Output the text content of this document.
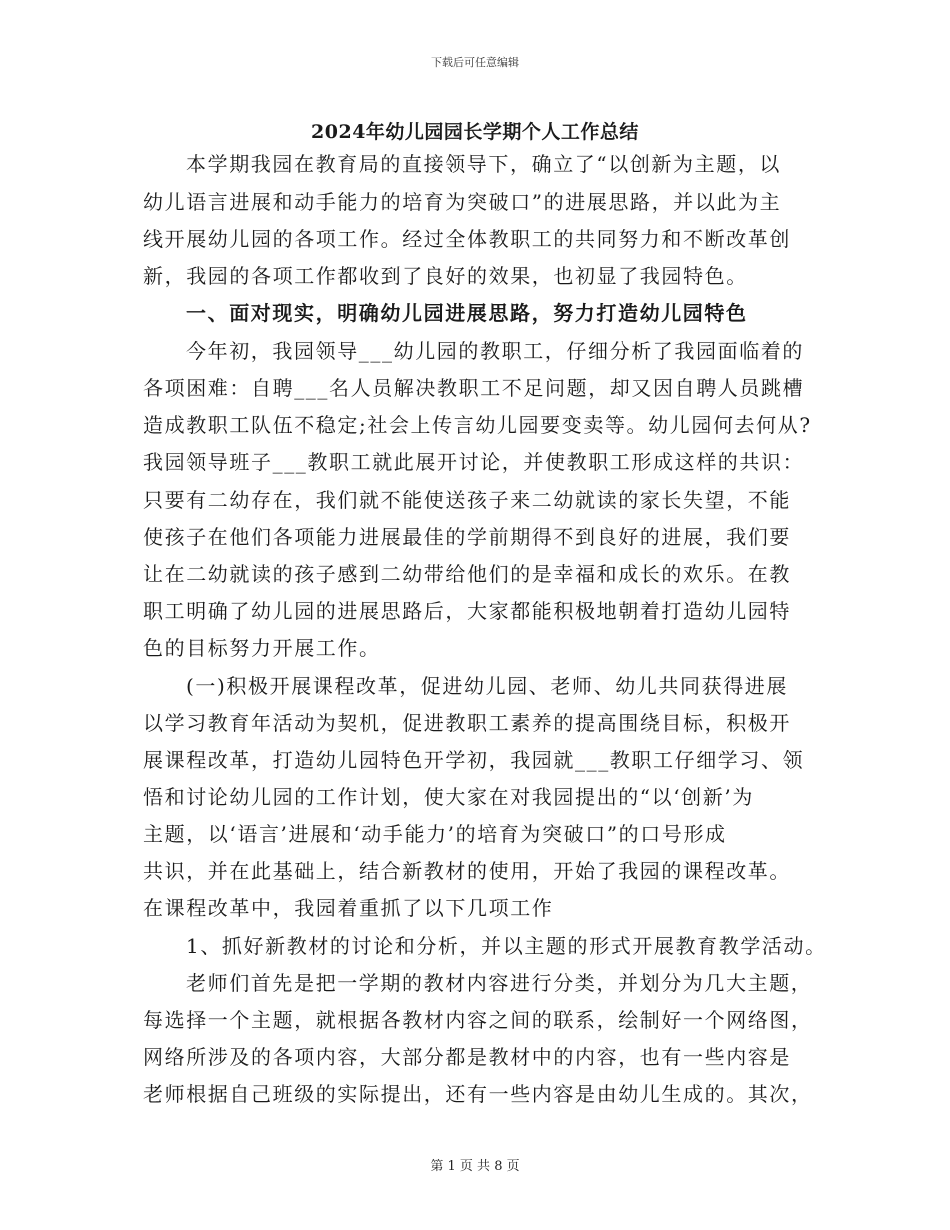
下载后可任意编辑
2024年幼儿园园长学期个人工作总结
本学期我园在教育局的直接领导下，确立了“以创新为主题，以
幼儿语言进展和动手能力的培育为突破口”的进展思路，并以此为主
线开展幼儿园的各项工作。经过全体教职工的共同努力和不断改革创
新，我园的各项工作都收到了良好的效果，也初显了我园特色。
一、面对现实，明确幼儿园进展思路，努力打造幼儿园特色
今年初，我园领导___幼儿园的教职工，仔细分析了我园面临着的
各项困难：自聘___名人员解决教职工不足问题，却又因自聘人员跳槽
造成教职工队伍不稳定;社会上传言幼儿园要变卖等。幼儿园何去何从?
我园领导班子___教职工就此展开讨论，并使教职工形成这样的共识：
只要有二幼存在，我们就不能使送孩子来二幼就读的家长失望，不能
使孩子在他们各项能力进展最佳的学前期得不到良好的进展，我们要
让在二幼就读的孩子感到二幼带给他们的是幸福和成长的欢乐。在教
职工明确了幼儿园的进展思路后，大家都能积极地朝着打造幼儿园特
色的目标努力开展工作。
(一)积极开展课程改革，促进幼儿园、老师、幼儿共同获得进展
以学习教育年活动为契机，促进教职工素养的提高围绕目标，积极开
展课程改革，打造幼儿园特色开学初，我园就___教职工仔细学习、领
悟和讨论幼儿园的工作计划，使大家在对我园提出的“以‘创新’为
主题，以‘语言’进展和‘动手能力’的培育为突破口”的口号形成
共识，并在此基础上，结合新教材的使用，开始了我园的课程改革。
在课程改革中，我园着重抓了以下几项工作
1、抓好新教材的讨论和分析，并以主题的形式开展教育教学活动。
老师们首先是把一学期的教材内容进行分类，并划分为几大主题，
每选择一个主题，就根据各教材内容之间的联系，绘制好一个网络图，
网络所涉及的各项内容，大部分都是教材中的内容，也有一些内容是
老师根据自己班级的实际提出，还有一些内容是由幼儿生成的。其次，
第 1 页 共 8 页
